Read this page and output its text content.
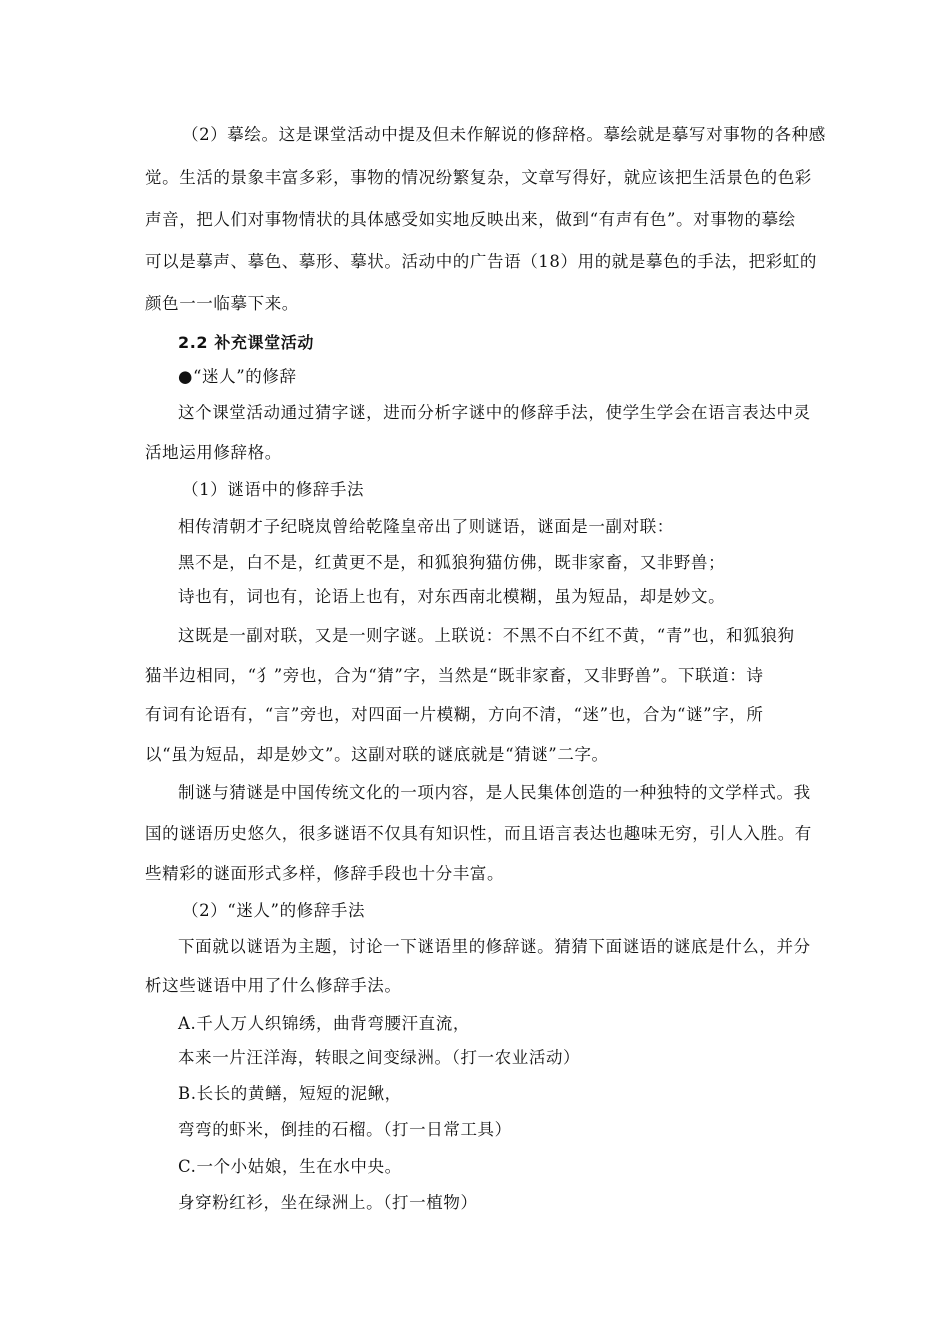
（2）摹绘。这是课堂活动中提及但未作解说的修辞格。摹绘就是摹写对事物的各种感
觉。生活的景象丰富多彩，事物的情况纷繁复杂，文章写得好，就应该把生活景色的色彩
声音，把人们对事物情状的具体感受如实地反映出来，做到“有声有色”。对事物的摹绘
可以是摹声、摹色、摹形、摹状。活动中的广告语（18）用的就是摹色的手法，把彩虹的
颜色一一临摹下来。
2.2 补充课堂活动
●“迷人”的修辞
这个课堂活动通过猜字谜，进而分析字谜中的修辞手法，使学生学会在语言表达中灵
活地运用修辞格。
（1）谜语中的修辞手法
相传清朝才子纪晓岚曾给乾隆皇帝出了则谜语，谜面是一副对联：
黑不是，白不是，红黄更不是，和狐狼狗猫仿佛，既非家畜，又非野兽；
诗也有，词也有，论语上也有，对东西南北模糊，虽为短品，却是妙文。
这既是一副对联，又是一则字谜。上联说：不黑不白不红不黄，“青”也，和狐狼狗
猫半边相同，“犭”旁也，合为“猜”字，当然是“既非家畜，又非野兽”。下联道：诗
有词有论语有，“言”旁也，对四面一片模糊，方向不清，“迷”也，合为“谜”字，所
以“虽为短品，却是妙文”。这副对联的谜底就是“猜谜”二字。
制谜与猜谜是中国传统文化的一项内容，是人民集体创造的一种独特的文学样式。我
国的谜语历史悠久，很多谜语不仅具有知识性，而且语言表达也趣味无穷，引人入胜。有
些精彩的谜面形式多样，修辞手段也十分丰富。
（2）“迷人”的修辞手法
下面就以谜语为主题，讨论一下谜语里的修辞谜。猜猜下面谜语的谜底是什么，并分
析这些谜语中用了什么修辞手法。
A.千人万人织锦绣，曲背弯腰汗直流，
本来一片汪洋海，转眼之间变绿洲。（打一农业活动）
B.长长的黄鳝，短短的泥鳅，
弯弯的虾米，倒挂的石榴。（打一日常工具）
C.一个小姑娘，生在水中央。
身穿粉红衫，坐在绿洲上。（打一植物）
